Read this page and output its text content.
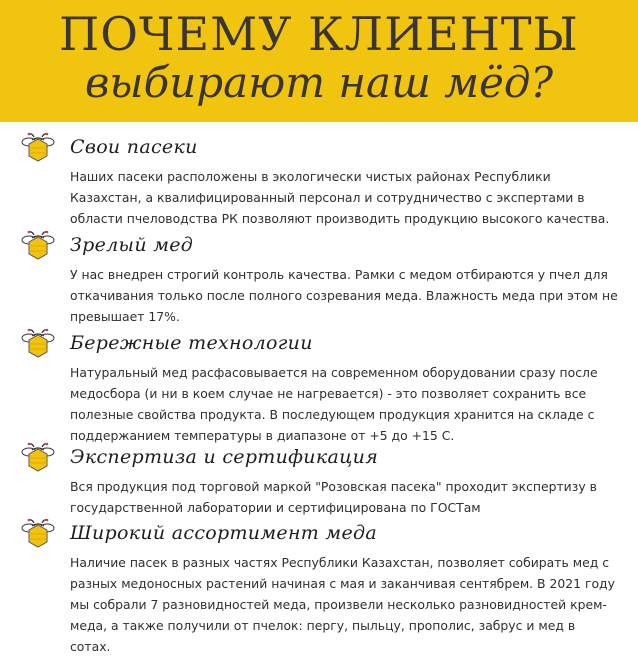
ПОЧЕМУ КЛИЕНТЫ
выбирают наш мёд?
Свои пасеки
Наших пасеки расположены в экологически чистых районах Республики Казахстан, а квалифицированный персонал и сотрудничество с экспертами в области пчеловодства РК позволяют производить продукцию высокого качества.
Зрелый мед
У нас внедрен строгий контроль качества. Рамки с медом отбираются у пчел для откачивания только после полного созревания меда. Влажность меда при этом не превышает 17%.
Бережные технологии
Натуральный мед расфасовывается на современном оборудовании сразу после медосбора (и ни в коем случае не нагревается) - это позволяет сохранить все полезные свойства продукта. В последующем продукция хранится на складе с поддержанием температуры в диапазоне от +5 до +15 С.
Экспертиза и сертификация
Вся продукция под торговой маркой "Розовская пасека" проходит экспертизу в государственной лаборатории и сертифицирована по ГОСТам
Широкий ассортимент меда
Наличие пасек в разных частях Республики Казахстан, позволяет собирать мед с разных медоносных растений начиная с мая и заканчивая сентябрем. В 2021 году мы собрали 7 разновидностей меда, произвели несколько разновидностей крем-меда, а также получили от пчелок: пергу, пыльцу, прополис, забрус и мед в сотах.
